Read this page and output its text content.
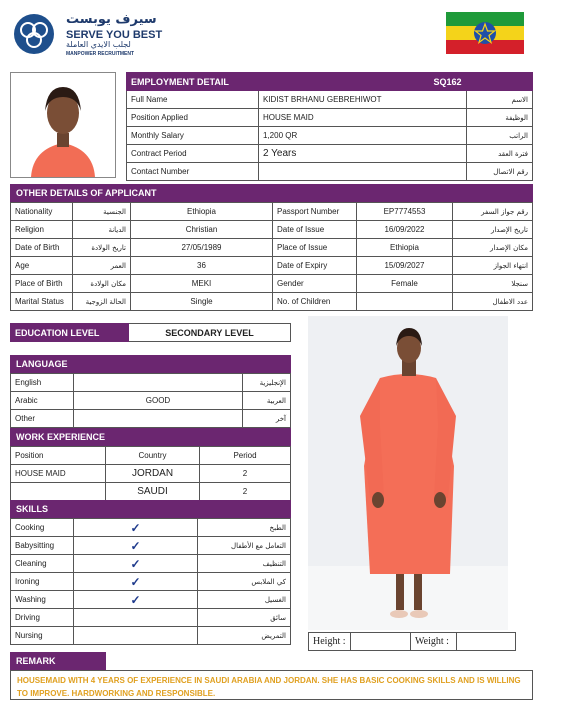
سيرف يوبست
SERVE YOU BEST
لجلب الايدي العاملة
MANPOWER RECRUITMENT
EMPLOYMENT DETAIL		SQ162	
Full Name	KIDIST BRHANU GEBREHIWOT		الاسم
Position Applied	HOUSE MAID		الوظيفة
Monthly Salary	1,200 QR		الراتب
Contract Period	2 Years		فترة العقد
Contact Number			رقم الاتصال
OTHER DETAILS OF APPLICANT
Nationality	الجنسية	Ethiopia	Passport Number	EP7774553	رقم جواز السفر
Religion	الديانة	Christian	Date of Issue	16/09/2022	تاريخ الإصدار
Date of Birth	تاريخ الولادة	27/05/1989	Place of Issue	Ethiopia	مكان الإصدار
Age	العمر	36	Date of Expiry	15/09/2027	انتهاء الجواز
Place of Birth	مكان الولادة	MEKI	Gender	Female	سنجلا
Marital Status	الحالة الزوجية	Single	No. of Children		عدد الاطفال
EDUCATION LEVEL	SECONDARY LEVEL
LANGUAGE
English		الإنجليزية
Arabic	GOOD	العربية
Other		آخر
WORK EXPERIENCE
Position	Country	Period
HOUSE MAID	JORDAN	2
	SAUDI	2
SKILLS
Cooking	✓	الطبخ
Babysitting	✓	التعامل مع الأطفال
Cleaning	✓	التنظيف
Ironing	✓	كي الملابس
Washing	✓	الغسيل
Driving		سائق
Nursing		التمريض
Height :		Weight :	
REMARK
HOUSEMAID WITH 4 YEARS OF EXPERIENCE IN SAUDI ARABIA AND JORDAN. SHE HAS BASIC COOKING SKILLS AND IS WILLING TO IMPROVE. HARDWORKING AND RESPONSIBLE.
